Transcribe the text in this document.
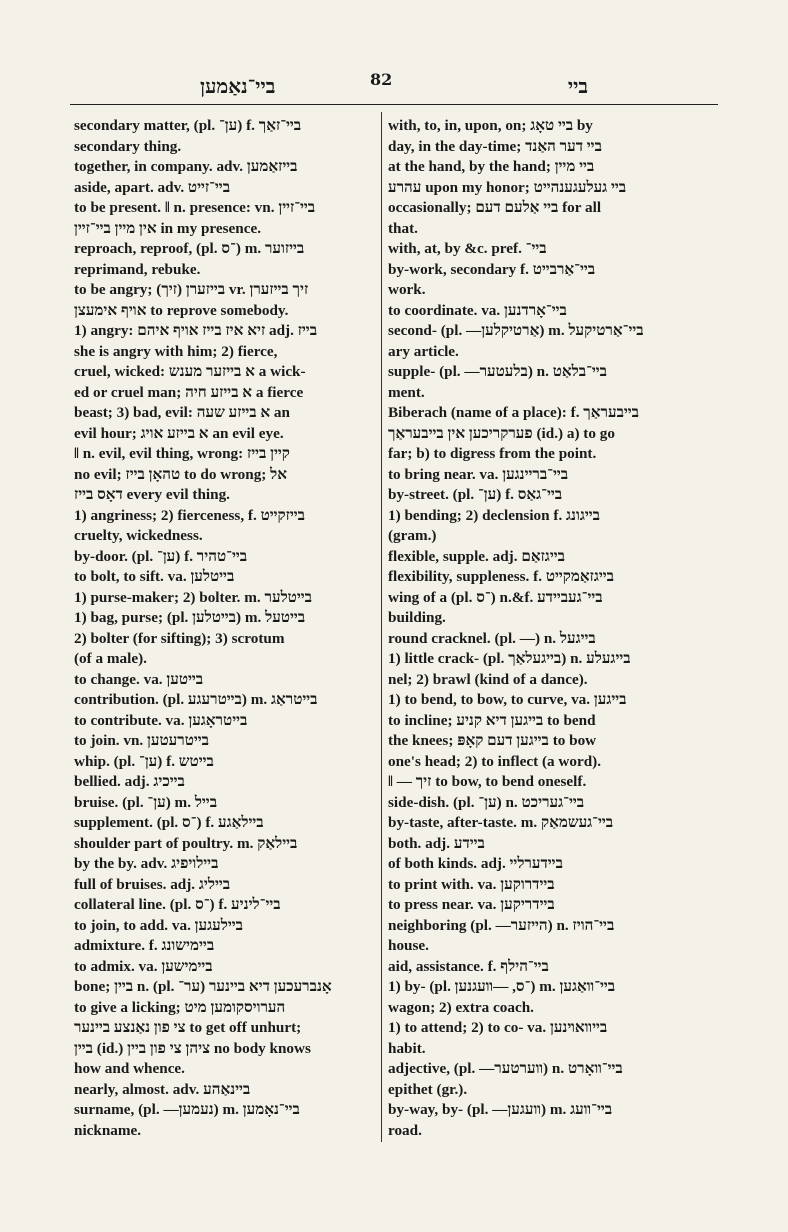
ביי־נאַמען	82	ביי
secondary matter, (pl. ען־) f. בײ־זאַך
secondary thing.
together, in company. adv. בײזאַמען
aside, apart. adv. בײ־זײט
to be present. ‖ n. presence: vn. בײ־זײן
אין מײן בײ־זײן in my presence.
reproach, reproof, (pl. ־ס) m. בײזוער
reprimand, rebuke.
to be angry; בײזערן (זיך) vr. זיך בײזערן
אויף אימעצן to reprove somebody.
1) angry: זיא איז בײז אויף איהם adj. בײז
she is angry with him; 2) fierce,
cruel, wicked: א בײזער מענש a wick-
ed or cruel man; א בײזע חיה a fierce
beast; 3) bad, evil: א בײזע שעה an
evil hour; א בײזע אויג an evil eye.
‖ n. evil, evil thing, wrong: קײן בײז
no evil; טהאָן בײז to do wrong; אל
דאָס בײז every evil thing.
1) angriness; 2) fierceness, f. בײזקײט
cruelty, wickedness.
by-door. (pl. ען־) f. בײ־טהיר
to bolt, to sift. va. בײטלען
1) purse-maker; 2) bolter. m. בײטלער
1) bag, purse; (pl. בײטלען) m. בײטעל
2) bolter (for sifting); 3) scrotum
(of a male).
to change. va. בײטען
contribution. (pl. בײטרעגע) m. בײטראַג
to contribute. va. בײטראָגען
to join. vn. בײטרעטען
whip. (pl. ען־) f. בײטש
bellied. adj. בײכיג
bruise. (pl. ען־) m. בײל
supplement. (pl. ־ס) f. בײלאַגע
shoulder part of poultry. m. בײלאַק
by the by. adv. בײלויפיג
full of bruises. adj. בײליג
collateral line. (pl. ־ס) f. בײ־ליניע
to join, to add. va. בײלעגען
admixture. f. בײמישונג
to admix. va. בײמישען
bone; בײן n. (pl. ער־) אָנברעכען דיא בײנער
to give a licking; הערויסקומען מיט
צי פון נאַנצע בײנער to get off unhurt;
בײן (id.) ציהן צי פון בײן no body knows
how and whence.
nearly, almost. adv. בײנאַהע
surname, (pl. —נעמען) m. בײ־נאָמען
nickname.
with, to, in, upon, on; בײ טאָג by
day, in the day-time; בײ דער האַנד
at the hand, by the hand; בײ מײן
עהרע upon my honor; בײ געלעגענהײט
occasionally; בײ אַלעם דעם for all
that.
with, at, by &c. pref. בײ־
by-work, secondary f. בײ־אַרבײט
work.
to coordinate. va. בײ־אָרדנען
second- (pl. —אַרטיקלען) m. בײ־אַרטיקעל
ary article.
supple- (pl. —בלעטער) n. בײ־בלאַט
ment.
Biberach (name of a place): f. בײבעראַך
פערקריכען אין בײבעראַך (id.) a) to go
far; b) to digress from the point.
to bring near. va. בײ־ברײנגען
by-street. (pl. ען־) f. בײ־גאַס
1) bending; 2) declension f. בײגונג
(gram.)
flexible, supple. adj. בײגזאַם
flexibility, suppleness. f. בײגזאַמקײט
wing of a (pl. ־ס) n.&f. בײ־געבײדע
building.
round cracknel. (pl. —) n. בײגעל
1) little crack- (pl. בײגעלאַך) n. בײגעלע
nel; 2) brawl (kind of a dance).
1) to bend, to bow, to curve, va. בײגען
to incline; בײגען דיא קניע to bend
the knees; בײגען דעם קאָפּ to bow
one's head; 2) to inflect (a word).
‖ — זיך to bow, to bend oneself.
side-dish. (pl. ען־) n. בײ־געריכט
by-taste, after-taste. m. בײ־געשמאַק
both. adj. בײדע
of both kinds. adj. בײדערלײ
to print with. va. בײדרוקען
to press near. va. בײדריקען
neighboring (pl. —הײזער) n. בײ־הויז
house.
aid, assistance. f. בײ־הילף
1) by- (pl. ־ס, —װעגנען) m. בײ־װאַגען
wagon; 2) extra coach.
1) to attend; 2) to co- va. בײװאױנען
habit.
adjective, (pl. —װערטער) n. בײ־װאָרט
epithet (gr.).
by-way, by- (pl. —װעגען) m. בײ־װעג
road.
